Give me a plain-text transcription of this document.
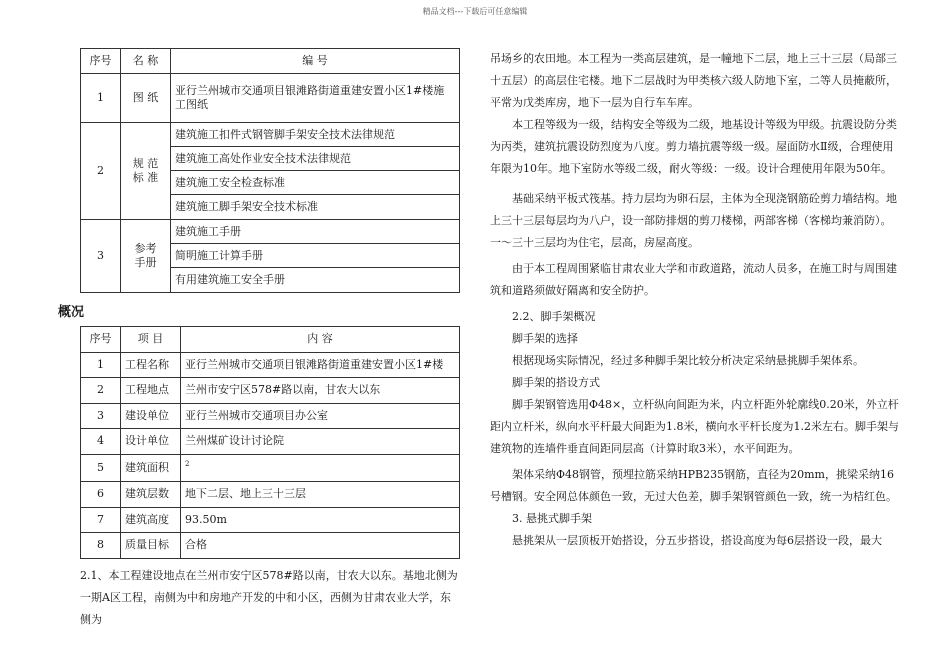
精品文档---下载后可任意编辑
序号	名 称	编 号
1	图 纸	亚行兰州城市交通项目银滩路街道重建安置小区1#楼施工图纸
2	规 范 标 准	建筑施工扣件式钢管脚手架安全技术法律规范
建筑施工高处作业安全技术法律规范
建筑施工安全检查标准
建筑施工脚手架安全技术标准

3	参考 手册	建筑施工手册
简明施工计算手册
有用建筑施工安全手册
概况
序号	项 目	内 容
1	工程名称	亚行兰州城市交通项目银滩路街道重建安置小区1#楼
2	工程地点	兰州市安宁区578#路以南，甘农大以东
3	建设单位	亚行兰州城市交通项目办公室
4	设计单位	兰州煤矿设计讨论院
5	建筑面积	2
6	建筑层数	地下二层、地上三十三层
7	建筑高度	93.50m
8	质量目标	合格

2.1、本工程建设地点在兰州市安宁区578#路以南，甘农大以东。基地北侧为一期A区工程，南侧为中和房地产开发的中和小区，西侧为甘肃农业大学，东侧为

吊场乡的农田地。本工程为一类高层建筑，是一幢地下二层，地上三十三层（局部三十五层）的高层住宅楼。地下二层战时为甲类核六级人防地下室，二等人员掩蔽所，平常为戊类库房，地下一层为自行车车库。

本工程等级为一级，结构安全等级为二级，地基设计等级为甲级。抗震设防分类为丙类，建筑抗震设防烈度为八度。剪力墙抗震等级一级。屋面防水Ⅱ级，合理使用年限为10年。地下室防水等级二级，耐火等级：一级。设计合理使用年限为50年。

基础采纳平板式筏基。持力层均为卵石层，主体为全现浇钢筋砼剪力墙结构。地上三十三层每层均为八户，设一部防排烟的剪刀楼梯，两部客梯（客梯均兼消防）。一～三十三层均为住宅，层高，房屋高度。

由于本工程周围紧临甘肃农业大学和市政道路，流动人员多，在施工时与周围建筑和道路须做好隔离和安全防护。

2.2、脚手架概况

脚手架的选择

根据现场实际情况，经过多种脚手架比较分析决定采纳悬挑脚手架体系。

脚手架的搭设方式

脚手架钢管选用Φ48×，立杆纵向间距为米，内立杆距外轮廓线0.20米，外立杆距内立杆米，纵向水平杆最大间距为1.8米，横向水平杆长度为1.2米左右。脚手架与建筑物的连墙件垂直间距同层高（计算时取3米），水平间距为。

架体采纳Φ48钢管，预埋拉筋采纳HPB235钢筋，直径为20mm，挑梁采纳16号槽钢。安全网总体颜色一致，无过大色差，脚手架钢管颜色一致，统一为桔红色。

3. 悬挑式脚手架

悬挑架从一层顶板开始搭设，分五步搭设，搭设高度为每6层搭设一段，最大
